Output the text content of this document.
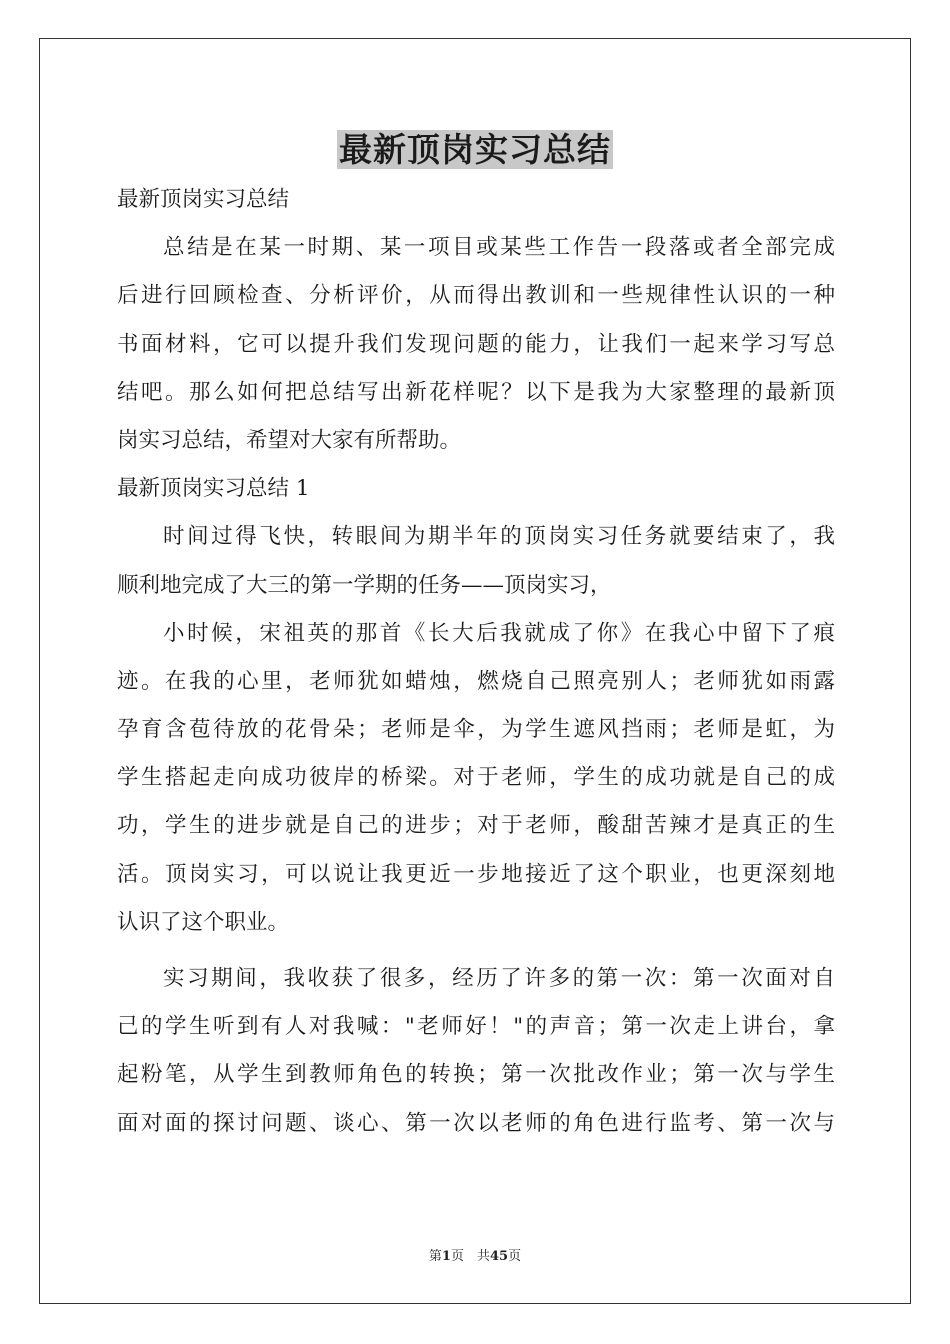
最新顶岗实习总结
最新顶岗实习总结
总结是在某一时期、某一项目或某些工作告一段落或者全部完成
后进行回顾检查、分析评价，从而得出教训和一些规律性认识的一种
书面材料，它可以提升我们发现问题的能力，让我们一起来学习写总
结吧。那么如何把总结写出新花样呢？以下是我为大家整理的最新顶
岗实习总结，希望对大家有所帮助。
最新顶岗实习总结 1
时间过得飞快，转眼间为期半年的顶岗实习任务就要结束了，我
顺利地完成了大三的第一学期的任务——顶岗实习，
小时候，宋祖英的那首《长大后我就成了你》在我心中留下了痕
迹。在我的心里，老师犹如蜡烛，燃烧自己照亮别人；老师犹如雨露
孕育含苞待放的花骨朵；老师是伞，为学生遮风挡雨；老师是虹，为
学生搭起走向成功彼岸的桥梁。对于老师，学生的成功就是自己的成
功，学生的进步就是自己的进步；对于老师，酸甜苦辣才是真正的生
活。顶岗实习，可以说让我更近一步地接近了这个职业，也更深刻地
认识了这个职业。
实习期间，我收获了很多，经历了许多的第一次：第一次面对自
己的学生听到有人对我喊："老师好！"的声音；第一次走上讲台，拿
起粉笔，从学生到教师角色的转换；第一次批改作业；第一次与学生
面对面的探讨问题、谈心、第一次以老师的角色进行监考、第一次与
第1页　共45页
